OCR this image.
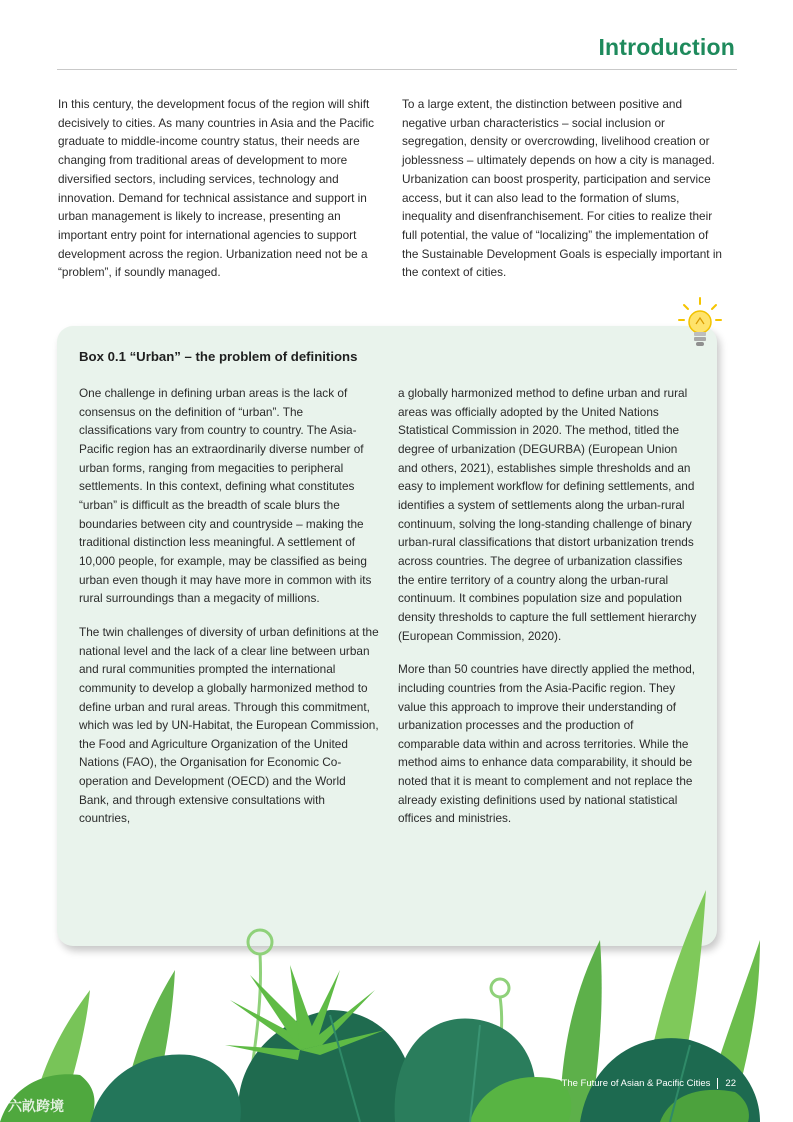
Introduction

In this century, the development focus of the region will shift decisively to cities. As many countries in Asia and the Pacific graduate to middle-income country status, their needs are changing from traditional areas of development to more diversified sectors, including services, technology and innovation. Demand for technical assistance and support in urban management is likely to increase, presenting an important entry point for international agencies to support development across the region. Urbanization need not be a “problem”, if soundly managed.

To a large extent, the distinction between positive and negative urban characteristics – social inclusion or segregation, density or overcrowding, livelihood creation or joblessness – ultimately depends on how a city is managed. Urbanization can boost prosperity, participation and service access, but it can also lead to the formation of slums, inequality and disenfranchisement. For cities to realize their full potential, the value of “localizing” the implementation of the Sustainable Development Goals is especially important in the context of cities.

Box 0.1 “Urban” – the problem of definitions

One challenge in defining urban areas is the lack of consensus on the definition of “urban”. The classifications vary from country to country. The Asia-Pacific region has an extraordinarily diverse number of urban forms, ranging from megacities to peripheral settlements. In this context, defining what constitutes “urban” is difficult as the breadth of scale blurs the boundaries between city and countryside – making the traditional distinction less meaningful. A settlement of 10,000 people, for example, may be classified as being urban even though it may have more in common with its rural surroundings than a megacity of millions.

The twin challenges of diversity of urban definitions at the national level and the lack of a clear line between urban and rural communities prompted the international community to develop a globally harmonized method to define urban and rural areas. Through this commitment, which was led by UN-Habitat, the European Commission, the Food and Agriculture Organization of the United Nations (FAO), the Organisation for Economic Co-operation and Development (OECD) and the World Bank, and through extensive consultations with countries,

a globally harmonized method to define urban and rural areas was officially adopted by the United Nations Statistical Commission in 2020. The method, titled the degree of urbanization (DEGURBA) (European Union and others, 2021), establishes simple thresholds and an easy to implement workflow for defining settlements, and identifies a system of settlements along the urban-rural continuum, solving the long-standing challenge of binary urban-rural classifications that distort urbanization trends across countries. The degree of urbanization classifies the entire territory of a country along the urban-rural continuum. It combines population size and population density thresholds to capture the full settlement hierarchy (European Commission, 2020).

More than 50 countries have directly applied the method, including countries from the Asia-Pacific region. They value this approach to improve their understanding of urbanization processes and the production of comparable data within and across territories. While the method aims to enhance data comparability, it should be noted that it is meant to complement and not replace the already existing definitions used by national statistical offices and ministries.

The Future of Asian & Pacific Cities 22
六畝跨境
